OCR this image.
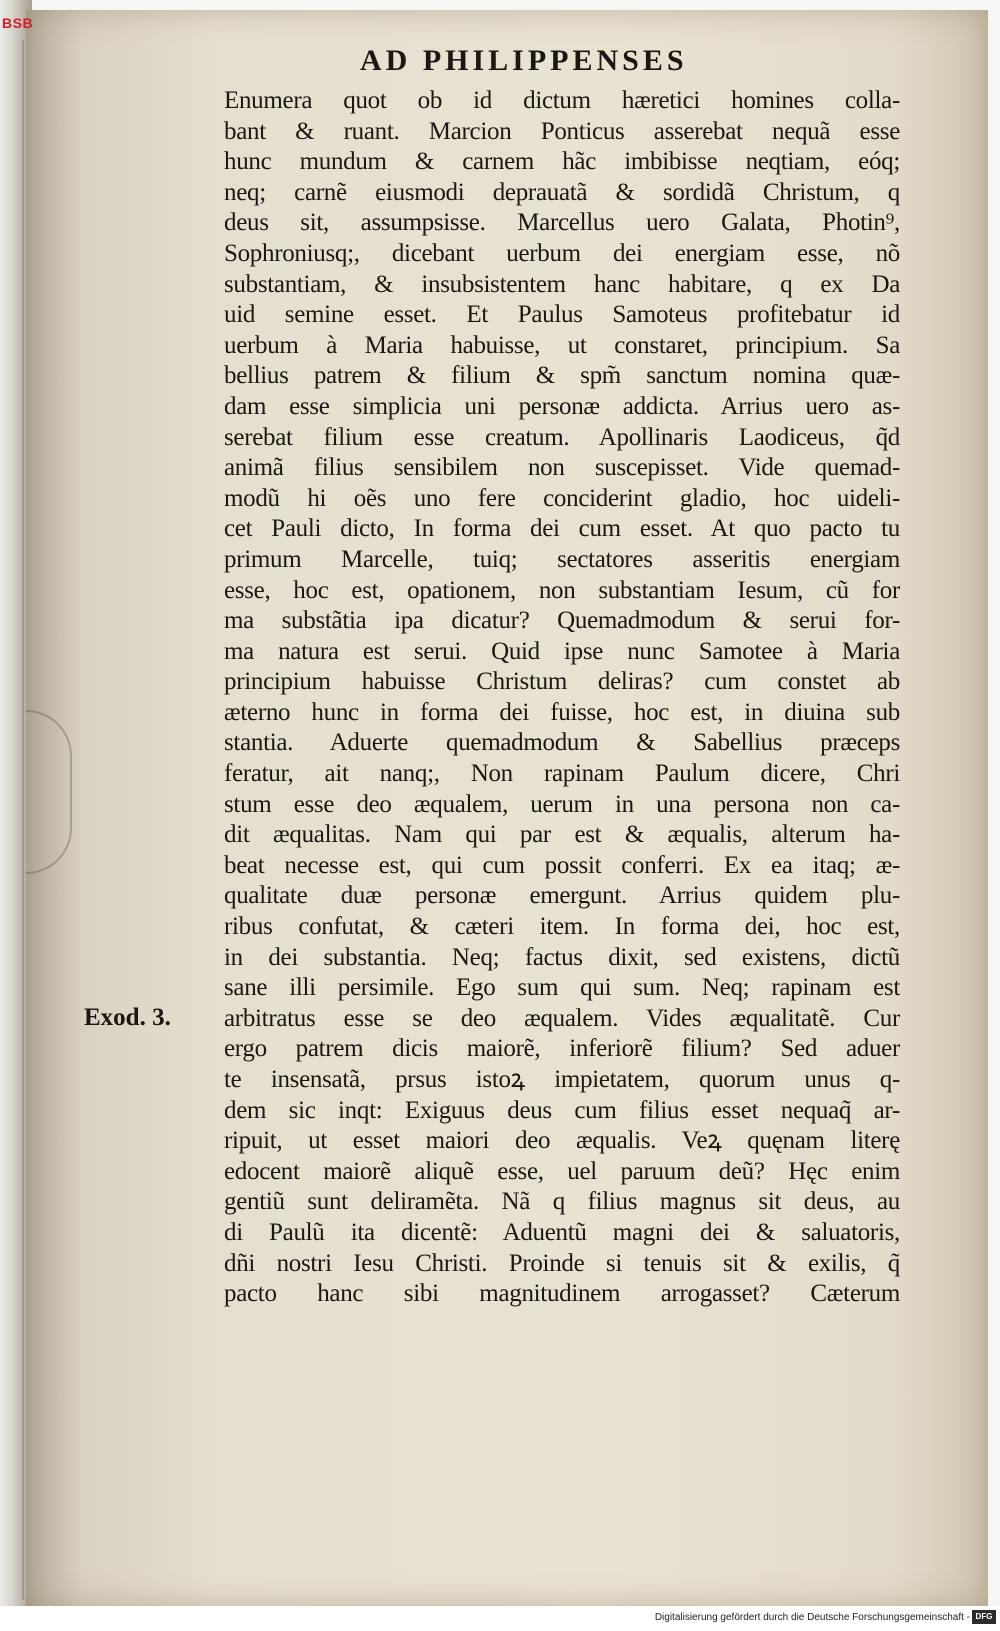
BSB
AD PHILIPPENSES
Enumera quot ob id dictum hæretici homines colla-
bant & ruant. Marcion Ponticus asserebat nequã esse
hunc mundum & carnem hãc imbibisse neqtiam, eóq;
neq; carnẽ eiusmodi deprauatã & sordidã Christum, q
deus sit, assumpsisse. Marcellus uero Galata, Photin⁹,
Sophroniusq;, dicebant uerbum dei energiam esse, nõ
substantiam, & insubsistentem hanc habitare, q ex Da
uid semine esset. Et Paulus Samoteus profitebatur id
uerbum à Maria habuisse, ut constaret, principium. Sa
bellius patrem & filium & spm̃ sanctum nomina quæ-
dam esse simplicia uni personæ addicta. Arrius uero as-
serebat filium esse creatum. Apollinaris Laodiceus, q̃d
animã filius sensibilem non suscepisset. Vide quemad-
modũ hi oẽs uno fere conciderint gladio, hoc uideli-
cet Pauli dicto, In forma dei cum esset. At quo pacto tu
primum Marcelle, tuiq; sectatores asseritis energiam
esse, hoc est, opationem, non substantiam Iesum, cũ for
ma substãtia ipa dicatur? Quemadmodum & serui for-
ma natura est serui. Quid ipse nunc Samotee à Maria
principium habuisse Christum deliras? cum constet ab
æterno hunc in forma dei fuisse, hoc est, in diuina sub
stantia. Aduerte quemadmodum & Sabellius præceps
feratur, ait nanq;, Non rapinam Paulum dicere, Chri
stum esse deo æqualem, uerum in una persona non ca-
dit æqualitas. Nam qui par est & æqualis, alterum ha-
beat necesse est, qui cum possit conferri. Ex ea itaq; æ-
qualitate duæ personæ emergunt. Arrius quidem plu-
ribus confutat, & cæteri item. In forma dei, hoc est,
in dei substantia. Neq; factus dixit, sed existens, dictũ
sane illi persimile. Ego sum qui sum. Neq; rapinam est
arbitratus esse se deo æqualem. Vides æqualitatẽ. Cur
ergo patrem dicis maiorẽ, inferiorẽ filium? Sed aduer
te insensatã, prsus istoꝝ impietatem, quorum unus q-
dem sic inqt: Exiguus deus cum filius esset nequaq̃ ar-
ripuit, ut esset maiori deo æqualis. Veꝝ quęnam literę
edocent maiorẽ aliquẽ esse, uel paruum deũ? Hęc enim
gentiũ sunt deliramẽta. Nã q filius magnus sit deus, au
di Paulũ ita dicentẽ: Aduentũ magni dei & saluatoris,
dñi nostri Iesu Christi. Proinde si tenuis sit & exilis, q̃
pacto hanc sibi magnitudinem arrogasset? Cæterum
Exod. 3.
Digitalisierung gefördert durch die Deutsche Forschungsgemeinschaft - DFG
